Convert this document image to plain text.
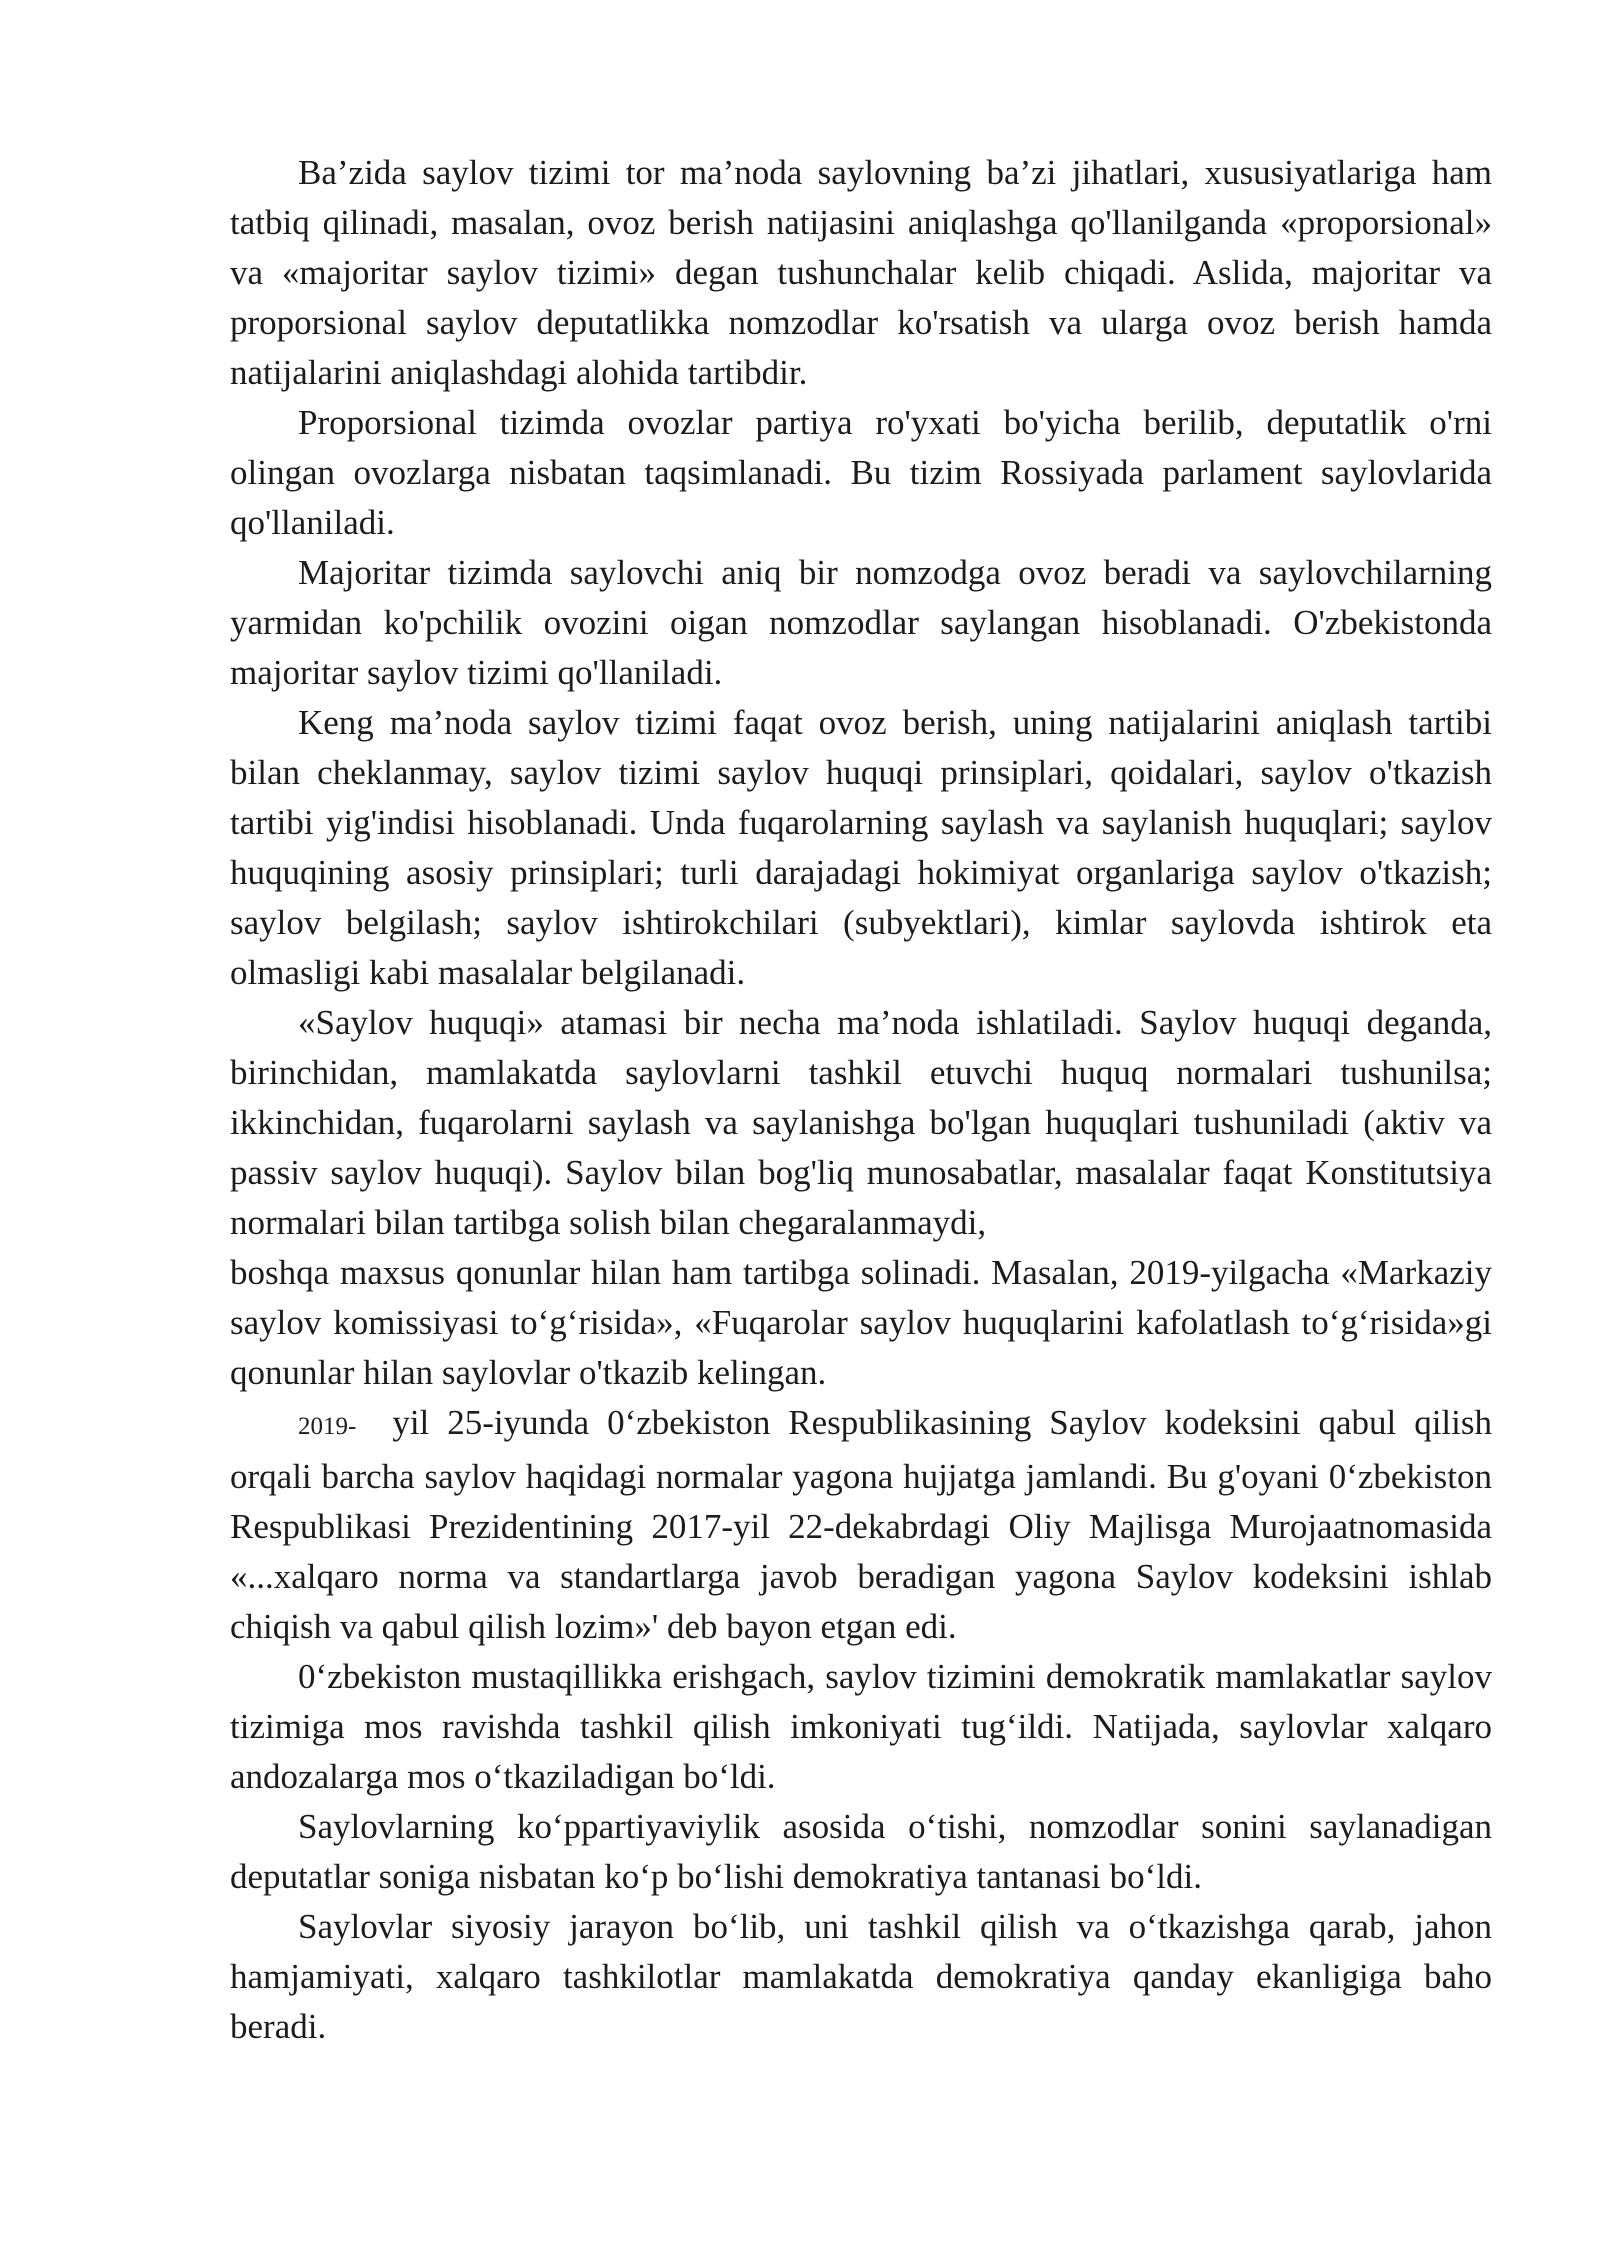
Ba’zida saylov tizimi tor ma’noda saylovning ba’zi jihatlari, xususiyatlariga ham tatbiq qilinadi, masalan, ovoz berish natijasini aniqlashga qo'llanilganda «proporsional» va «majoritar saylov tizimi» degan tushunchalar kelib chiqadi. Aslida, majoritar va proporsional saylov deputatlikka nomzodlar ko'rsatish va ularga ovoz berish hamda natijalarini aniqlashdagi alohida tartibdir.

Proporsional tizimda ovozlar partiya ro'yxati bo'yicha berilib, deputatlik o'rni olingan ovozlarga nisbatan taqsimlanadi. Bu tizim Rossiyada parlament saylovlarida qo'llaniladi.

Majoritar tizimda saylovchi aniq bir nomzodga ovoz beradi va saylovchilarning yarmidan ko'pchilik ovozini oigan nomzodlar saylangan hisoblanadi. O'zbekistonda majoritar saylov tizimi qo'llaniladi.

Keng ma’noda saylov tizimi faqat ovoz berish, uning natijalarini aniqlash tartibi bilan cheklanmay, saylov tizimi saylov huquqi prinsiplari, qoidalari, saylov o'tkazish tartibi yig'indisi hisoblanadi. Unda fuqarolarning saylash va saylanish huquqlari; saylov huquqining asosiy prinsiplari; turli darajadagi hokimiyat organlariga saylov o'tkazish; saylov belgilash; saylov ishtirokchilari (subyektlari), kimlar saylovda ishtirok eta olmasligi kabi masalalar belgilanadi.

«Saylov huquqi» atamasi bir necha ma’noda ishlatiladi. Saylov huquqi deganda, birinchidan, mamlakatda saylovlarni tashkil etuvchi huquq normalari tushunilsa; ikkinchidan, fuqarolarni saylash va saylanishga bo'lgan huquqlari tushuniladi (aktiv va passiv saylov huquqi). Saylov bilan bog'liq munosabatlar, masalalar faqat Konstitutsiya normalari bilan tartibga solish bilan chegaralanmaydi,

boshqa maxsus qonunlar hilan ham tartibga solinadi. Masalan, 2019-yilgacha «Markaziy saylov komissiyasi to‘g‘risida», «Fuqarolar saylov huquqlarini kafolatlash to‘g‘risida»gi qonunlar hilan saylovlar o'tkazib kelingan.

2019- yil 25-iyunda 0‘zbekiston Respublikasining Saylov kodeksini qabul qilish orqali barcha saylov haqidagi normalar yagona hujjatga jamlandi. Bu g'oyani 0‘zbekiston Respublikasi Prezidentining 2017-yil 22-dekabrdagi Oliy Majlisga Murojaatnomasida «...xalqaro norma va standartlarga javob beradigan yagona Saylov kodeksini ishlab chiqish va qabul qilish lozim»' deb bayon etgan edi.

0‘zbekiston mustaqillikka erishgach, saylov tizimini demokratik mamlakatlar saylov tizimiga mos ravishda tashkil qilish imkoniyati tug‘ildi. Natijada, saylovlar xalqaro andozalarga mos o‘tkaziladigan bo‘ldi.

Saylovlarning ko‘ppartiyaviylik asosida o‘tishi, nomzodlar sonini saylanadigan deputatlar soniga nisbatan ko‘p bo‘lishi demokratiya tantanasi bo‘ldi.

Saylovlar siyosiy jarayon bo‘lib, uni tashkil qilish va o‘tkazishga qarab, jahon hamjamiyati, xalqaro tashkilotlar mamlakatda demokratiya qanday ekanligiga baho beradi.
